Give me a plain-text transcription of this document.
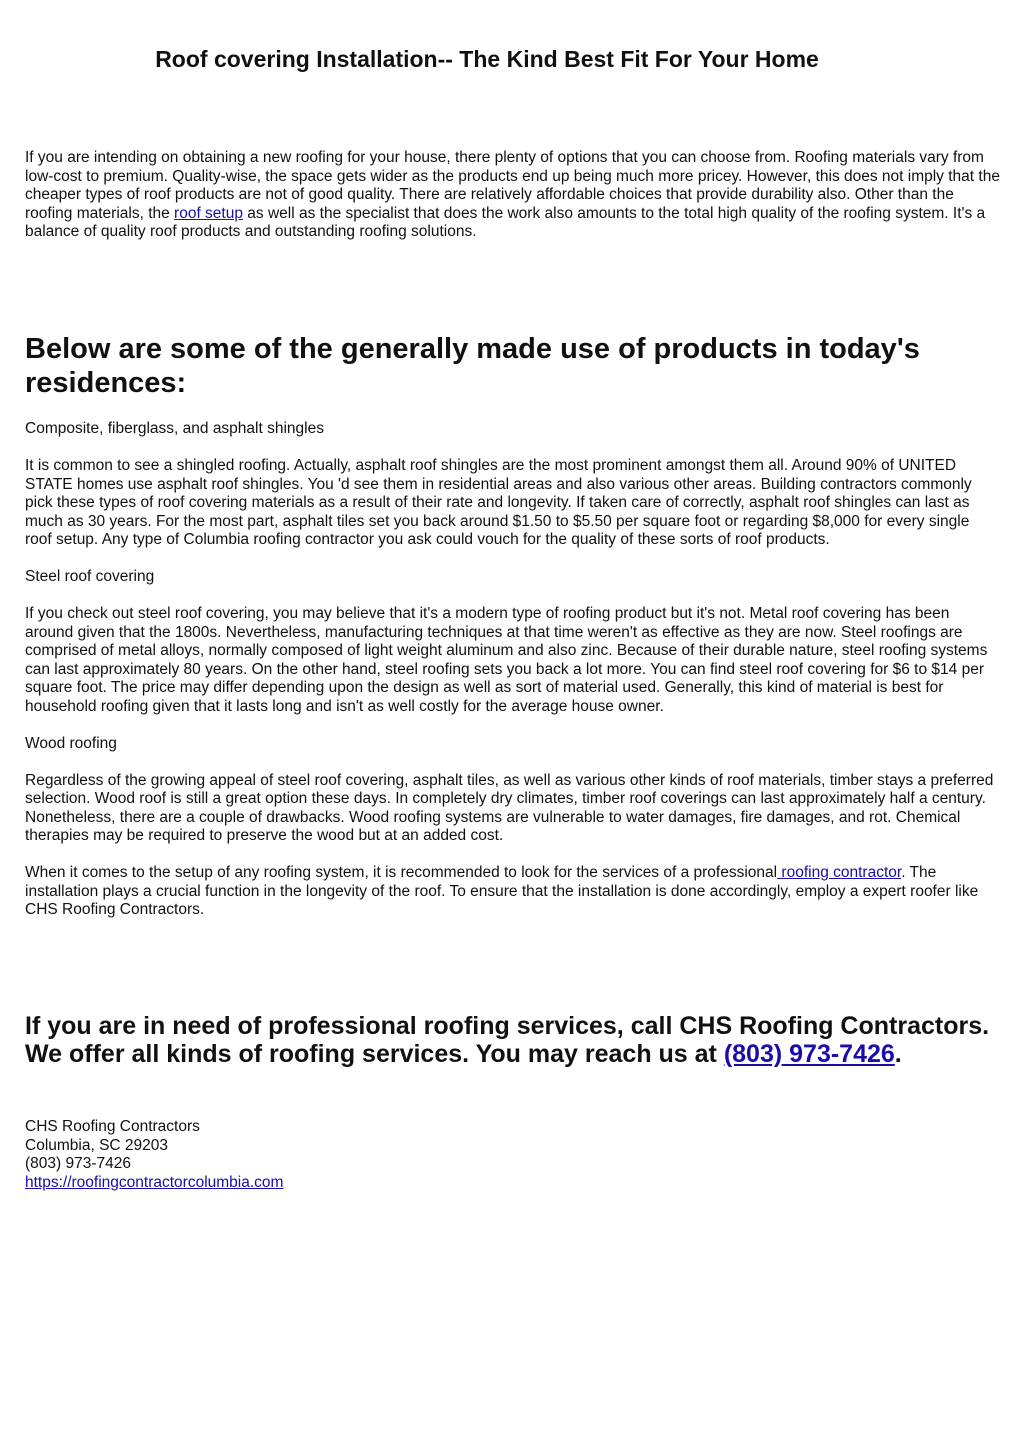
Roof covering Installation-- The Kind Best Fit For Your Home

If you are intending on obtaining a new roofing for your house, there plenty of options that you can choose from. Roofing materials vary from low-cost to premium. Quality-wise, the space gets wider as the products end up being much more pricey. However, this does not imply that the cheaper types of roof products are not of good quality. There are relatively affordable choices that provide durability also. Other than the roofing materials, the roof setup as well as the specialist that does the work also amounts to the total high quality of the roofing system. It's a balance of quality roof products and outstanding roofing solutions.

Below are some of the generally made use of products in today's residences:

Composite, fiberglass, and asphalt shingles

It is common to see a shingled roofing. Actually, asphalt roof shingles are the most prominent amongst them all. Around 90% of UNITED STATE homes use asphalt roof shingles. You 'd see them in residential areas and also various other areas. Building contractors commonly pick these types of roof covering materials as a result of their rate and longevity. If taken care of correctly, asphalt roof shingles can last as much as 30 years. For the most part, asphalt tiles set you back around $1.50 to $5.50 per square foot or regarding $8,000 for every single roof setup. Any type of Columbia roofing contractor you ask could vouch for the quality of these sorts of roof products.

Steel roof covering

If you check out steel roof covering, you may believe that it's a modern type of roofing product but it's not. Metal roof covering has been around given that the 1800s. Nevertheless, manufacturing techniques at that time weren't as effective as they are now. Steel roofings are comprised of metal alloys, normally composed of light weight aluminum and also zinc. Because of their durable nature, steel roofing systems can last approximately 80 years. On the other hand, steel roofing sets you back a lot more. You can find steel roof covering for $6 to $14 per square foot. The price may differ depending upon the design as well as sort of material used. Generally, this kind of material is best for household roofing given that it lasts long and isn't as well costly for the average house owner.

Wood roofing

Regardless of the growing appeal of steel roof covering, asphalt tiles, as well as various other kinds of roof materials, timber stays a preferred selection. Wood roof is still a great option these days. In completely dry climates, timber roof coverings can last approximately half a century. Nonetheless, there are a couple of drawbacks. Wood roofing systems are vulnerable to water damages, fire damages, and rot. Chemical therapies may be required to preserve the wood but at an added cost.

When it comes to the setup of any roofing system, it is recommended to look for the services of a professional roofing contractor. The installation plays a crucial function in the longevity of the roof. To ensure that the installation is done accordingly, employ a expert roofer like CHS Roofing Contractors.

If you are in need of professional roofing services, call CHS Roofing Contractors. We offer all kinds of roofing services. You may reach us at (803) 973-7426.
CHS Roofing Contractors
Columbia, SC 29203
(803) 973-7426
https://roofingcontractorcolumbia.com
